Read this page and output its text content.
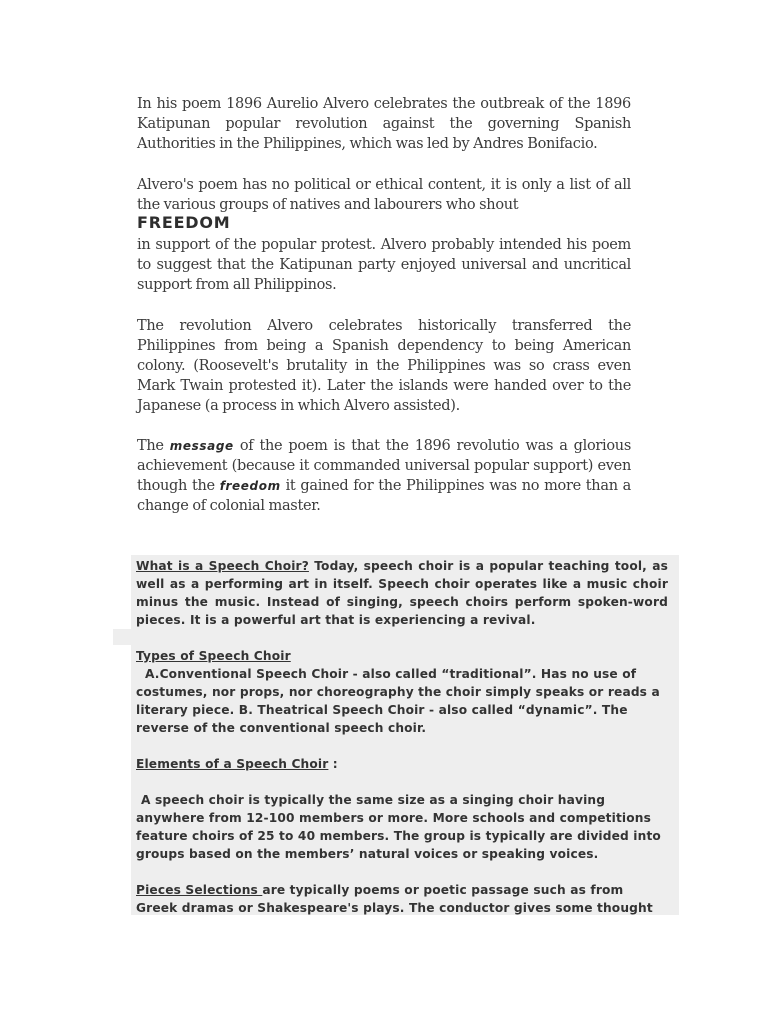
In his poem 1896 Aurelio Alvero celebrates the outbreak of the 1896 Katipunan popular revolution against the governing Spanish Authorities in the Philippines, which was led by Andres Bonifacio.

Alvero's poem has no political or ethical content, it is only a list of all the various groups of natives and labourers who shout

FREEDOM

in support of the popular protest. Alvero probably intended his poem to suggest that the Katipunan party enjoyed universal and uncritical support from all Philippinos.

The revolution Alvero celebrates historically transferred the Philippines from being a Spanish dependency to being American colony. (Roosevelt's brutality in the Philippines was so crass even Mark Twain protested it). Later the islands were handed over to the Japanese (a process in which Alvero assisted).

The message of the poem is that the 1896 revolutio was a glorious achievement (because it commanded universal popular support) even though the freedom it gained for the Philippines was no more than a change of colonial master.

What is a Speech Choir? Today, speech choir is a popular teaching tool, as well as a performing art in itself. Speech choir operates like a music choir minus the music. Instead of singing, speech choirs perform spoken-word pieces. It is a powerful art that is experiencing a revival.

Types of Speech Choir

A.Conventional Speech Choir - also called “traditional”. Has no use of costumes, nor props, nor choreography the choir simply speaks or reads a literary piece. B. Theatrical Speech Choir - also called “dynamic”. The reverse of the conventional speech choir.

Elements of a Speech Choir :

A speech choir is typically the same size as a singing choir having anywhere from 12-100 members or more. More schools and competitions feature choirs of 25 to 40 members. The group is typically are divided into groups based on the members’ natural voices or speaking voices.

Pieces Selections are typically poems or poetic passage such as from Greek dramas or Shakespeare's plays. The conductor gives some thought
